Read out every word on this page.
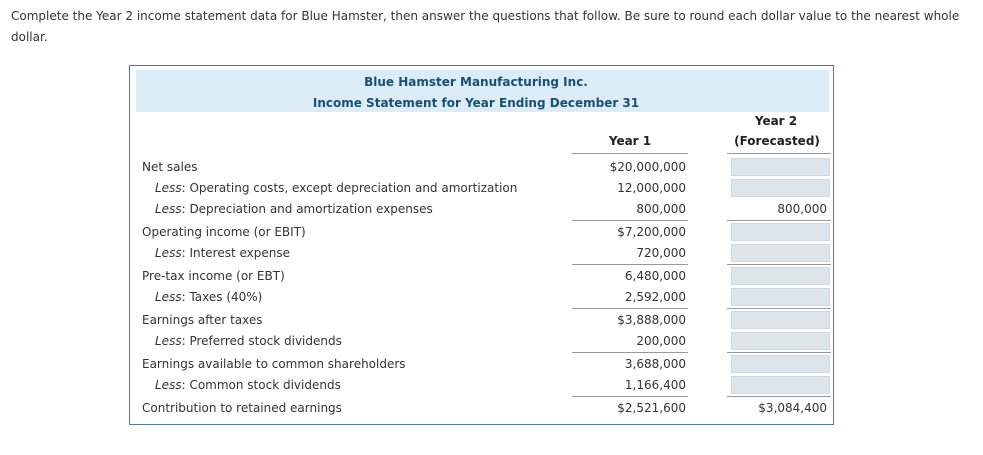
Complete the Year 2 income statement data for Blue Hamster, then answer the questions that follow. Be sure to round each dollar value to the nearest whole dollar.
Blue Hamster Manufacturing Inc.
Income Statement for Year Ending December 31
Year 1
Year 2
(Forecasted)
Net sales	$20,000,000
Less: Operating costs, except depreciation and amortization	12,000,000
Less: Depreciation and amortization expenses	800,000	800,000
Operating income (or EBIT)	$7,200,000
Less: Interest expense	720,000
Pre-tax income (or EBT)	6,480,000
Less: Taxes (40%)	2,592,000
Earnings after taxes	$3,888,000
Less: Preferred stock dividends	200,000
Earnings available to common shareholders	3,688,000
Less: Common stock dividends	1,166,400
Contribution to retained earnings	$2,521,600	$3,084,400
